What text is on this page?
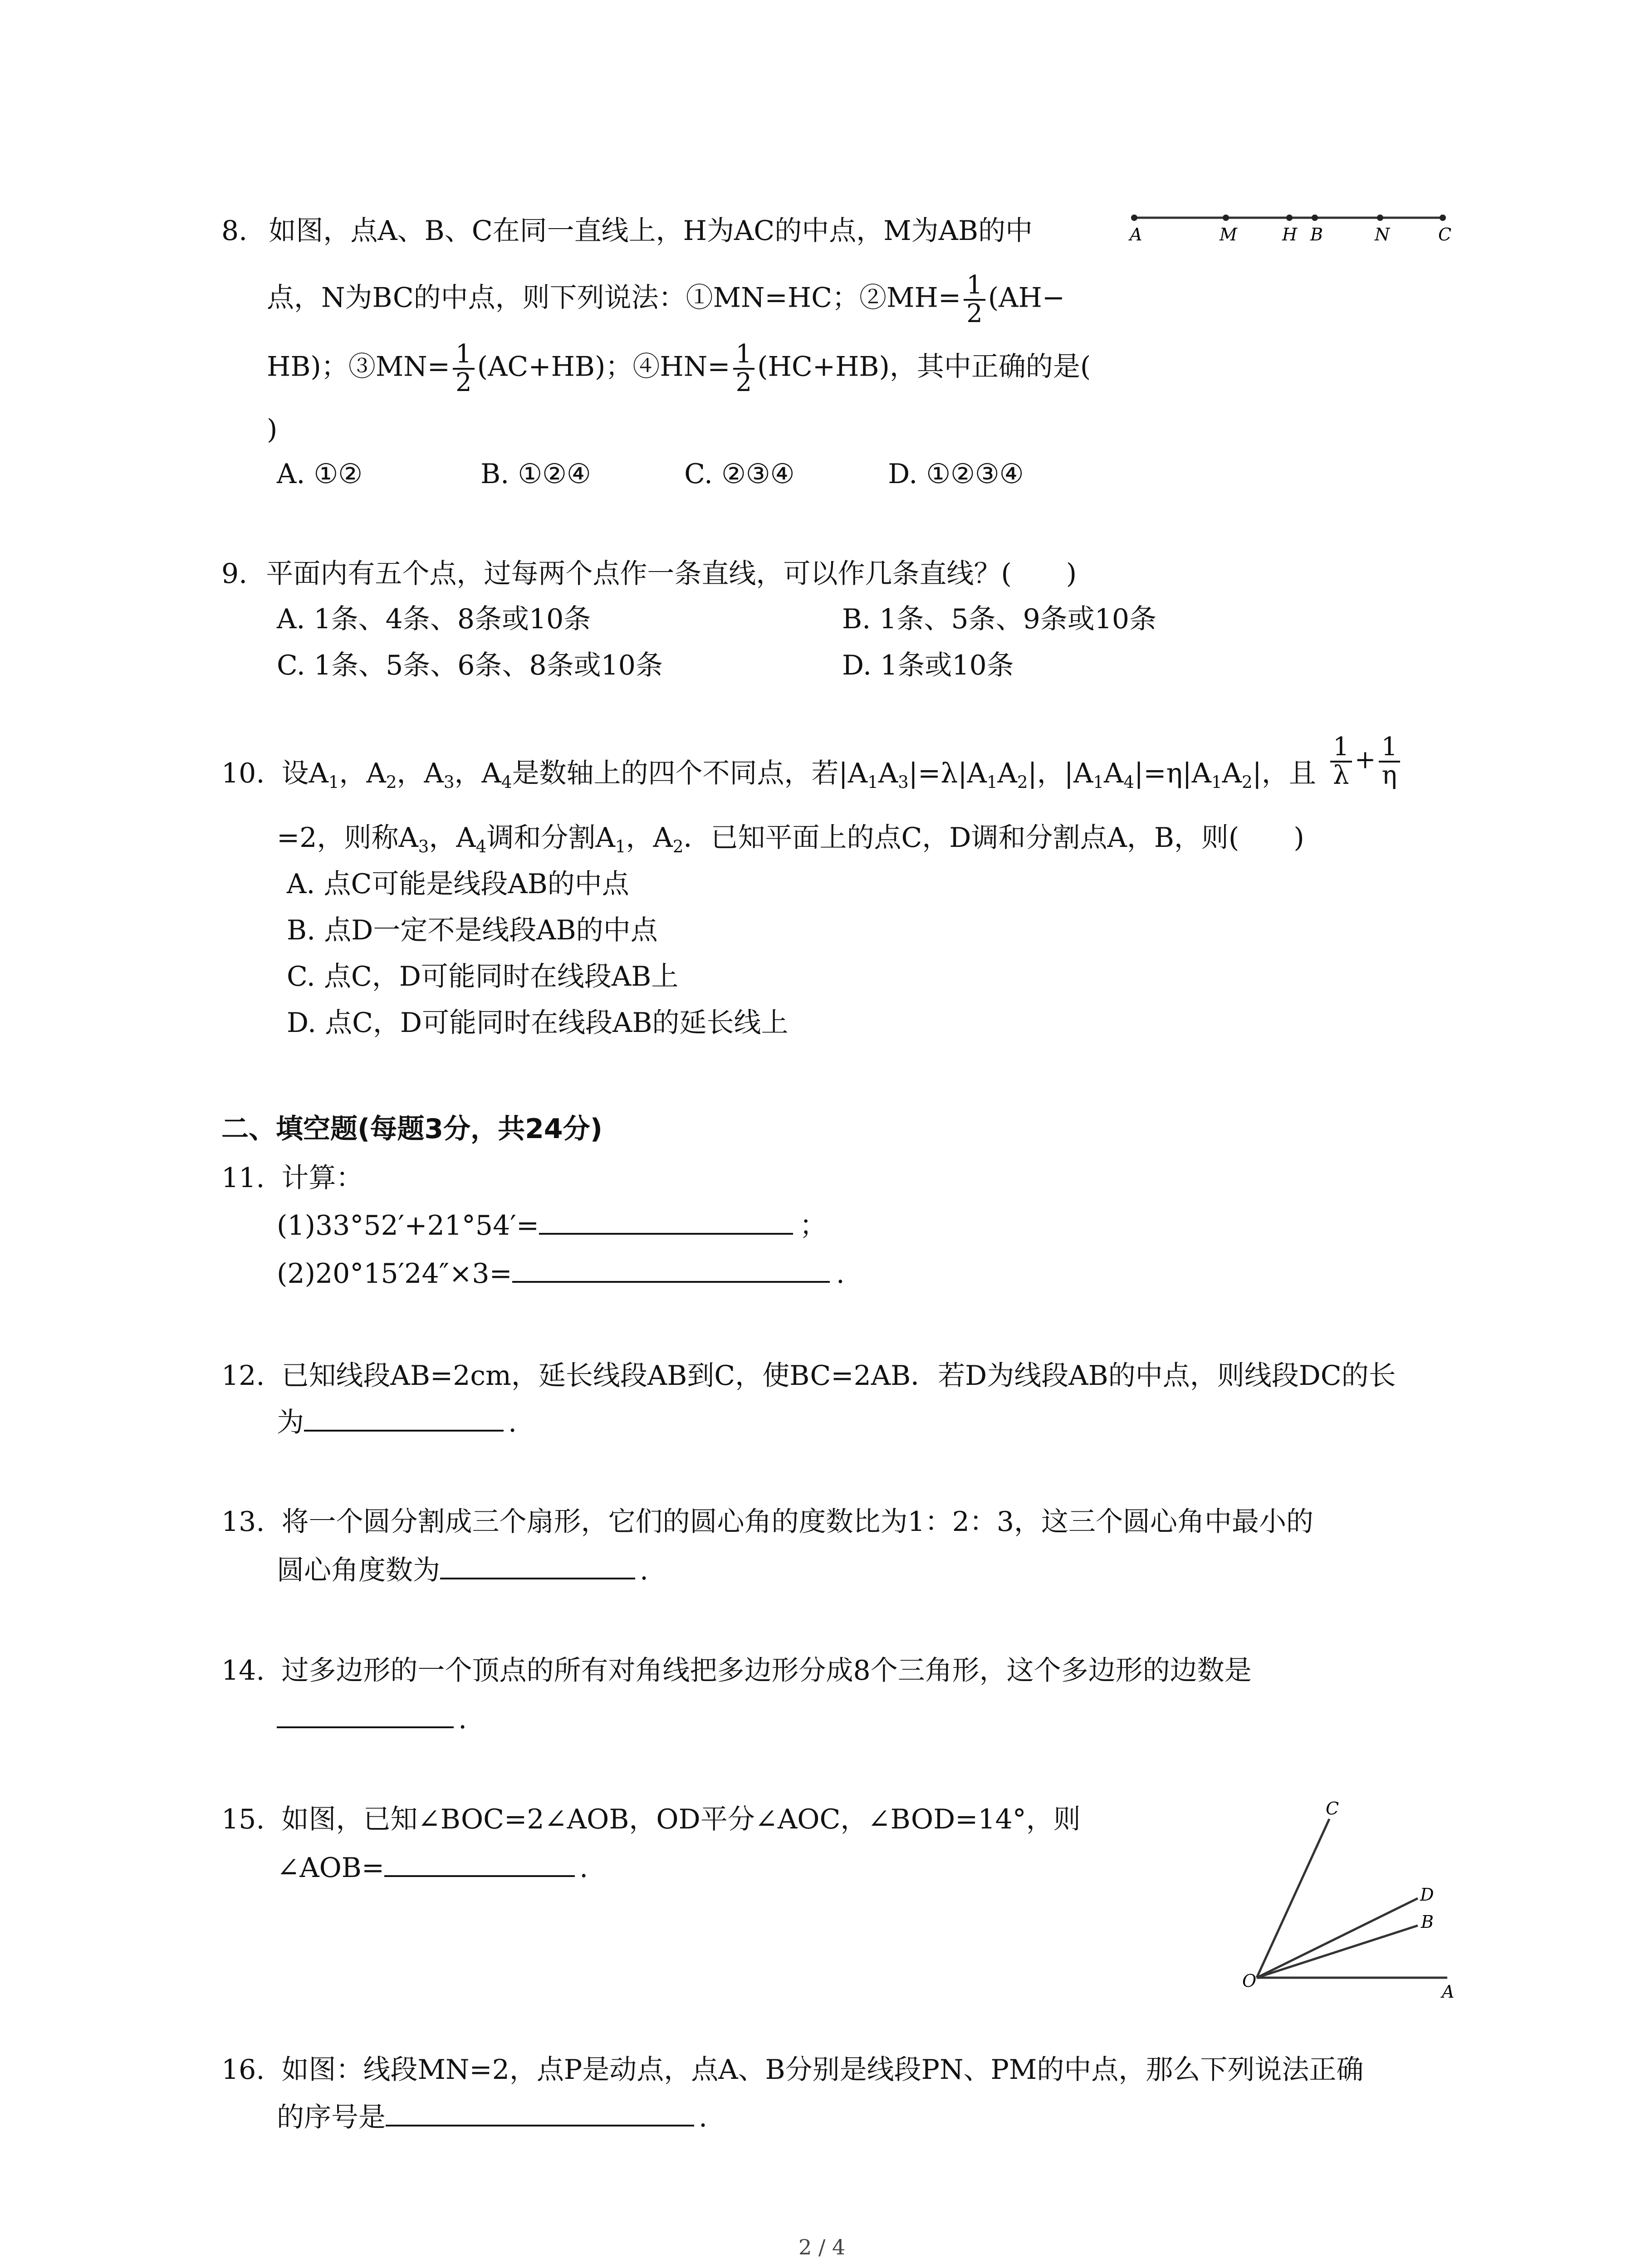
8. 如图，点A、B、C在同一直线上，H为AC的中点，M为AB的中
点，N为BC的中点，则下列说法：①MN=HC；②MH= $\frac{1}{2} (AH-$
HB)；③MN= $\frac{1}{2} (AC+HB)$；④HN= $\frac{1}{2} (HC+HB)$，其中正确的是(
)
A. ①②	B. ①②④	C. ②③④	D. ①②③④
A	M	H B	N	C
9. 平面内有五个点，过每两个点作一条直线，可以作几条直线？(　　)
A. 1条、4条、8条或10条	B. 1条、5条、9条或10条
C. 1条、5条、6条、8条或10条	D. 1条或10条
10. 设$A_1$，$A_2$，$A_3$，$A_4$是数轴上的四个不同点，若$|A_1A_3|=\lambda|A_1A_2|$，$|A_1A_4|=\eta|A_1A_2|$，且 $\frac{1}{\lambda} + \frac{1}{\eta}$
=2，则称$A_3$，$A_4$调和分割$A_1$，$A_2$．已知平面上的点C，D调和分割点A，B，则(　　)
A. 点C可能是线段AB的中点
B. 点D一定不是线段AB的中点
C. 点C，D可能同时在线段AB上
D. 点C，D可能同时在线段AB的延长线上
二、填空题(每题3分，共24分)
11. 计算：
(1)33°52′+21°54′=	；
(2)20°15′24″×3=	.
12. 已知线段AB=2cm，延长线段AB到C，使BC=2AB．若D为线段AB的中点，则线段DC的长
为	.
13. 将一个圆分割成三个扇形，它们的圆心角的度数比为1：2：3，这三个圆心角中最小的
圆心角度数为	.
14. 过多边形的一个顶点的所有对角线把多边形分成8个三角形，这个多边形的边数是
.
15. 如图，已知∠BOC=2∠AOB，OD平分∠AOC，∠BOD=14°，则
∠AOB=	.
C
D
B
O
A
16. 如图：线段MN=2，点P是动点，点A、B分别是线段PN、PM的中点，那么下列说法正确
的序号是	.
2 / 4
